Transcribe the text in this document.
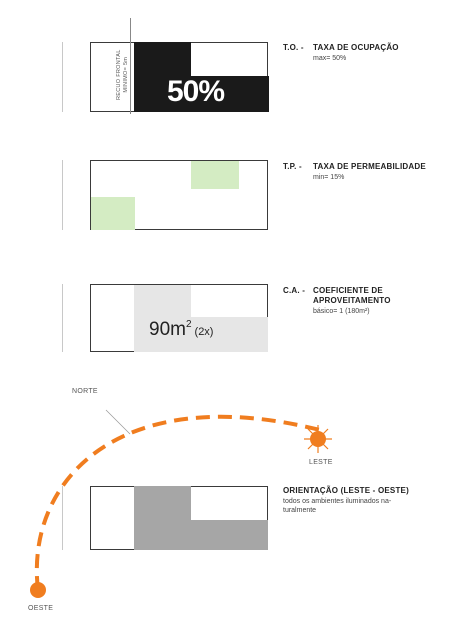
50%
RECUO FRONTAL MINIMO= 5m
T.O. - TAXA DE OCUPAÇÃO
max= 50%
T.P. - TAXA DE PERMEABILIDADE
min= 15%
$90m^2(2x)$
C.A. - COEFICIENTE DE
APROVEITAMENTO
básico= 1 (180m²)
NORTE
LESTE
OESTE
ORIENTAÇÃO (LESTE - OESTE)
todos os ambientes iluminados na-
turalmente
